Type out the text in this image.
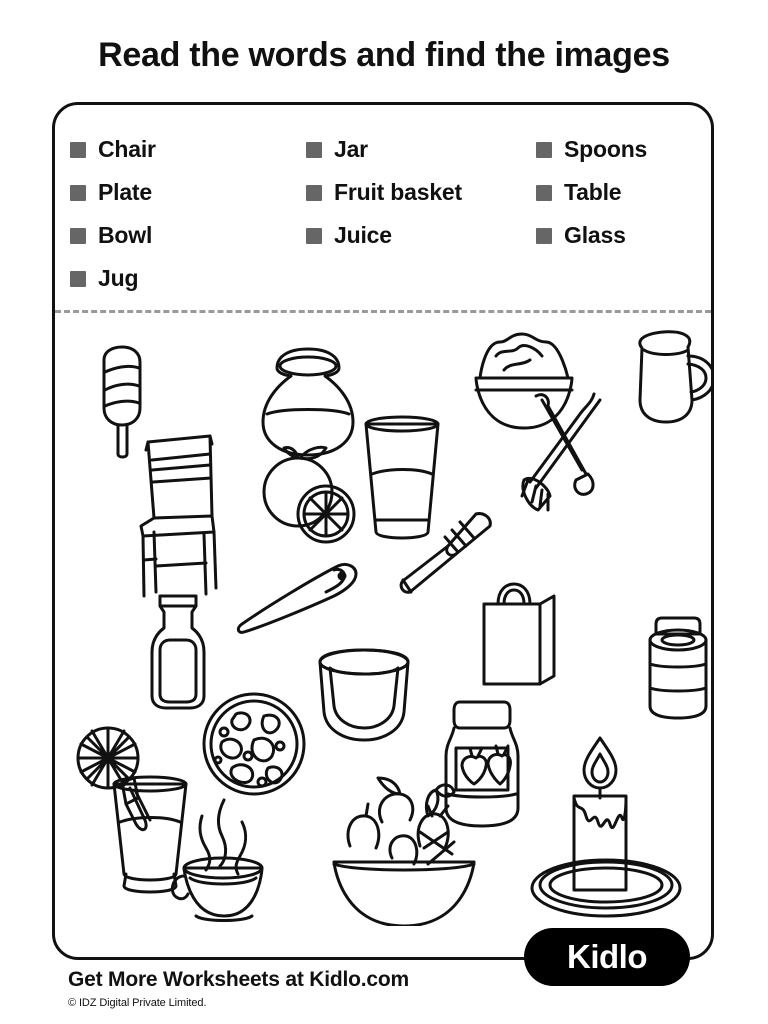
Read the words and find the images
Chair
Plate
Bowl
Jug
Jar
Fruit basket
Juice
Spoons
Table
Glass
Get More Worksheets at Kidlo.com
© IDZ Digital Private Limited.
Kidlo
